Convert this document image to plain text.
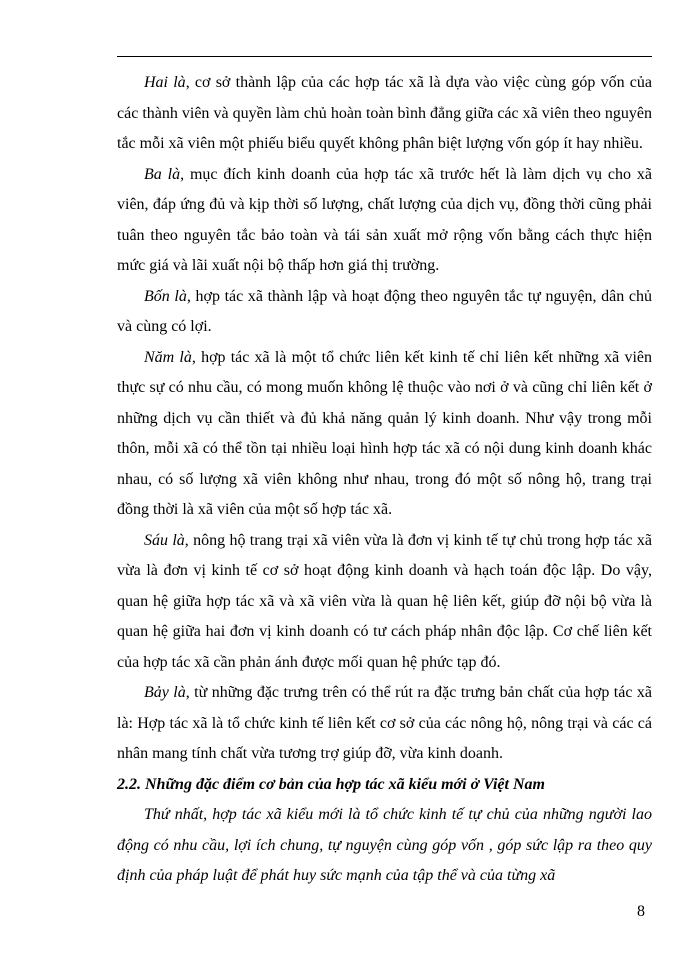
Hai là, cơ sở thành lập của các hợp tác xã là dựa vào việc cùng góp vốn của các thành viên và quyền làm chủ hoàn toàn bình đẳng giữa các xã viên theo nguyên tắc mỗi xã viên một phiếu biểu quyết không phân biệt lượng vốn góp ít hay nhiều.

Ba là, mục đích kinh doanh của hợp tác xã trước hết là làm dịch vụ cho xã viên, đáp ứng đủ và kịp thời số lượng, chất lượng của dịch vụ, đồng thời cũng phải tuân theo nguyên tắc bảo toàn và tái sản xuất mở rộng vốn bằng cách thực hiện mức giá và lãi xuất nội bộ thấp hơn giá thị trường.

Bốn là, hợp tác xã thành lập và hoạt động theo nguyên tắc tự nguyện, dân chủ và cùng có lợi.

Năm là, hợp tác xã là một tổ chức liên kết kinh tế chỉ liên kết những xã viên thực sự có nhu cầu, có mong muốn không lệ thuộc vào nơi ở và cũng chỉ liên kết ở những dịch vụ cần thiết và đủ khả năng quản lý kinh doanh. Như vậy trong mỗi thôn, mỗi xã có thể tồn tại nhiều loại hình hợp tác xã có nội dung kinh doanh khác nhau, có số lượng xã viên không như nhau, trong đó một số nông hộ, trang trại đồng thời là xã viên của một số hợp tác xã.

Sáu là, nông hộ trang trại xã viên vừa là đơn vị kinh tế tự chủ trong hợp tác xã vừa là đơn vị kinh tế cơ sở hoạt động kinh doanh và hạch toán độc lập. Do vậy, quan hệ giữa hợp tác xã và xã viên vừa là quan hệ liên kết, giúp đỡ nội bộ vừa là quan hệ giữa hai đơn vị kinh doanh có tư cách pháp nhân độc lập. Cơ chế liên kết của hợp tác xã cần phản ánh được mối quan hệ phức tạp đó.

Bảy là, từ những đặc trưng trên có thể rút ra đặc trưng bản chất của hợp tác xã là: Hợp tác xã là tổ chức kinh tế liên kết cơ sở của các nông hộ, nông trại và các cá nhân mang tính chất vừa tương trợ giúp đỡ, vừa kinh doanh.

2.2. Những đặc điểm cơ bản của hợp tác xã kiểu mới ở Việt Nam

Thứ nhất, hợp tác xã kiểu mới là tổ chức kinh tế tự chủ của những người lao động có nhu cầu, lợi ích chung, tự nguyện cùng góp vốn , góp sức lập ra theo quy định của pháp luật để phát huy sức mạnh của tập thể và của từng xã

8
